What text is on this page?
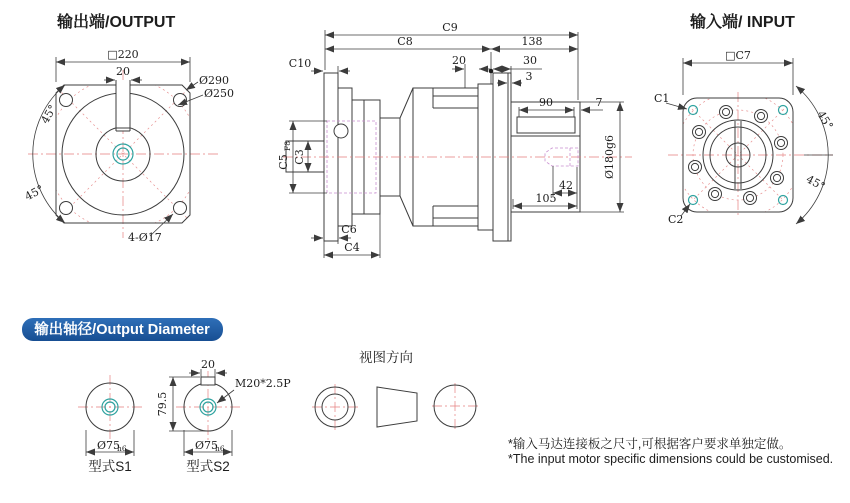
输出端/OUTPUT
□220
20
Ø290
Ø250
45°
45°
4-Ø17
C9
C8	138
C10	20	30
3
90	7
Ø180g6
42
105
C3
C5
F8
C6
C4
输入端/ INPUT
□C7
C1
C2
45°
45°
输出轴径/Output Diameter
Ø75
h6
型式S1
20
79.5
M20*2.5P
Ø75
h6
型式S2
视图方向
*输入马达连接板之尺寸,可根据客户要求单独定做。
*The input motor specific dimensions could be customised.
